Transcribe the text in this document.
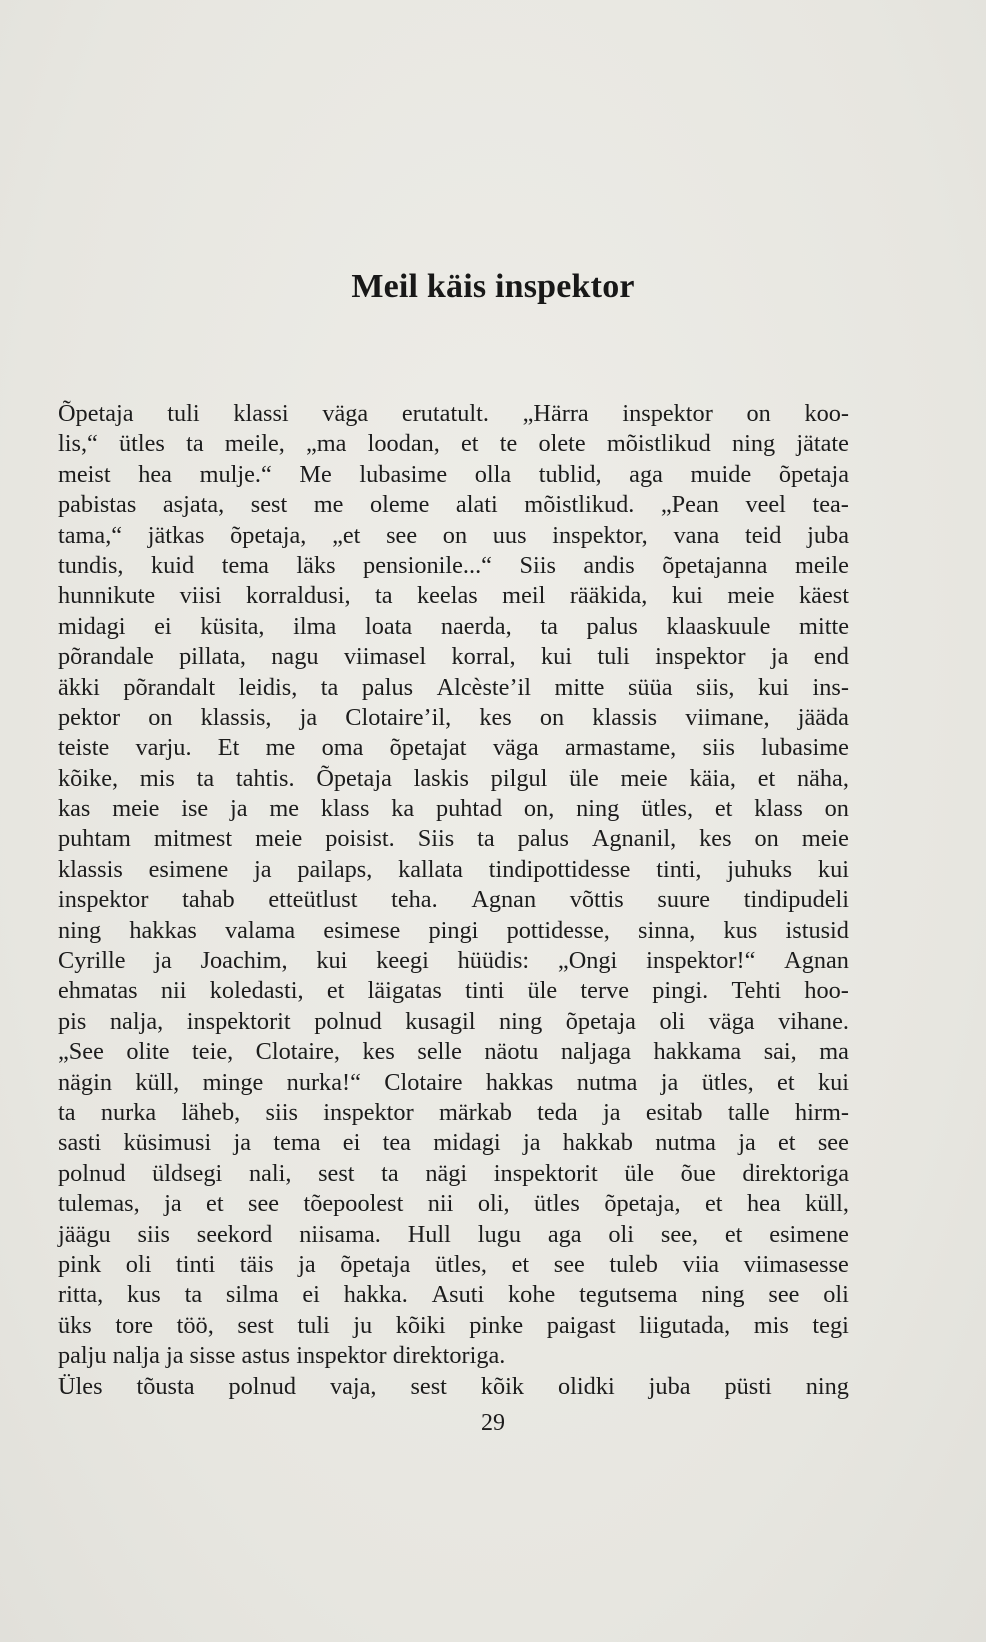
Meil käis inspektor
Õpetaja tuli klassi väga erutatult. „Härra inspektor on koo-
lis,“ ütles ta meile, „ma loodan, et te olete mõistlikud ning jätate
meist hea mulje.“ Me lubasime olla tublid, aga muide õpetaja
pabistas asjata, sest me oleme alati mõistlikud. „Pean veel tea-
tama,“ jätkas õpetaja, „et see on uus inspektor, vana teid juba
tundis, kuid tema läks pensionile...“ Siis andis õpetajanna meile
hunnikute viisi korraldusi, ta keelas meil rääkida, kui meie käest
midagi ei küsita, ilma loata naerda, ta palus klaaskuule mitte
põrandale pillata, nagu viimasel korral, kui tuli inspektor ja end
äkki põrandalt leidis, ta palus Alcèste’il mitte süüa siis, kui ins-
pektor on klassis, ja Clotaire’il, kes on klassis viimane, jääda
teiste varju. Et me oma õpetajat väga armastame, siis lubasime
kõike, mis ta tahtis. Õpetaja laskis pilgul üle meie käia, et näha,
kas meie ise ja me klass ka puhtad on, ning ütles, et klass on
puhtam mitmest meie poisist. Siis ta palus Agnanil, kes on meie
klassis esimene ja pailaps, kallata tindipottidesse tinti, juhuks kui
inspektor tahab etteütlust teha. Agnan võttis suure tindipudeli
ning hakkas valama esimese pingi pottidesse, sinna, kus istusid
Cyrille ja Joachim, kui keegi hüüdis: „Ongi inspektor!“ Agnan
ehmatas nii koledasti, et läigatas tinti üle terve pingi. Tehti hoo-
pis nalja, inspektorit polnud kusagil ning õpetaja oli väga vihane.
„See olite teie, Clotaire, kes selle näotu naljaga hakkama sai, ma
nägin küll, minge nurka!“ Clotaire hakkas nutma ja ütles, et kui
ta nurka läheb, siis inspektor märkab teda ja esitab talle hirm-
sasti küsimusi ja tema ei tea midagi ja hakkab nutma ja et see
polnud üldsegi nali, sest ta nägi inspektorit üle õue direktoriga
tulemas, ja et see tõepoolest nii oli, ütles õpetaja, et hea küll,
jäägu siis seekord niisama. Hull lugu aga oli see, et esimene
pink oli tinti täis ja õpetaja ütles, et see tuleb viia viimasesse
ritta, kus ta silma ei hakka. Asuti kohe tegutsema ning see oli
üks tore töö, sest tuli ju kõiki pinke paigast liigutada, mis tegi
palju nalja ja sisse astus inspektor direktoriga.
Üles tõusta polnud vaja, sest kõik olidki juba püsti ning
29
